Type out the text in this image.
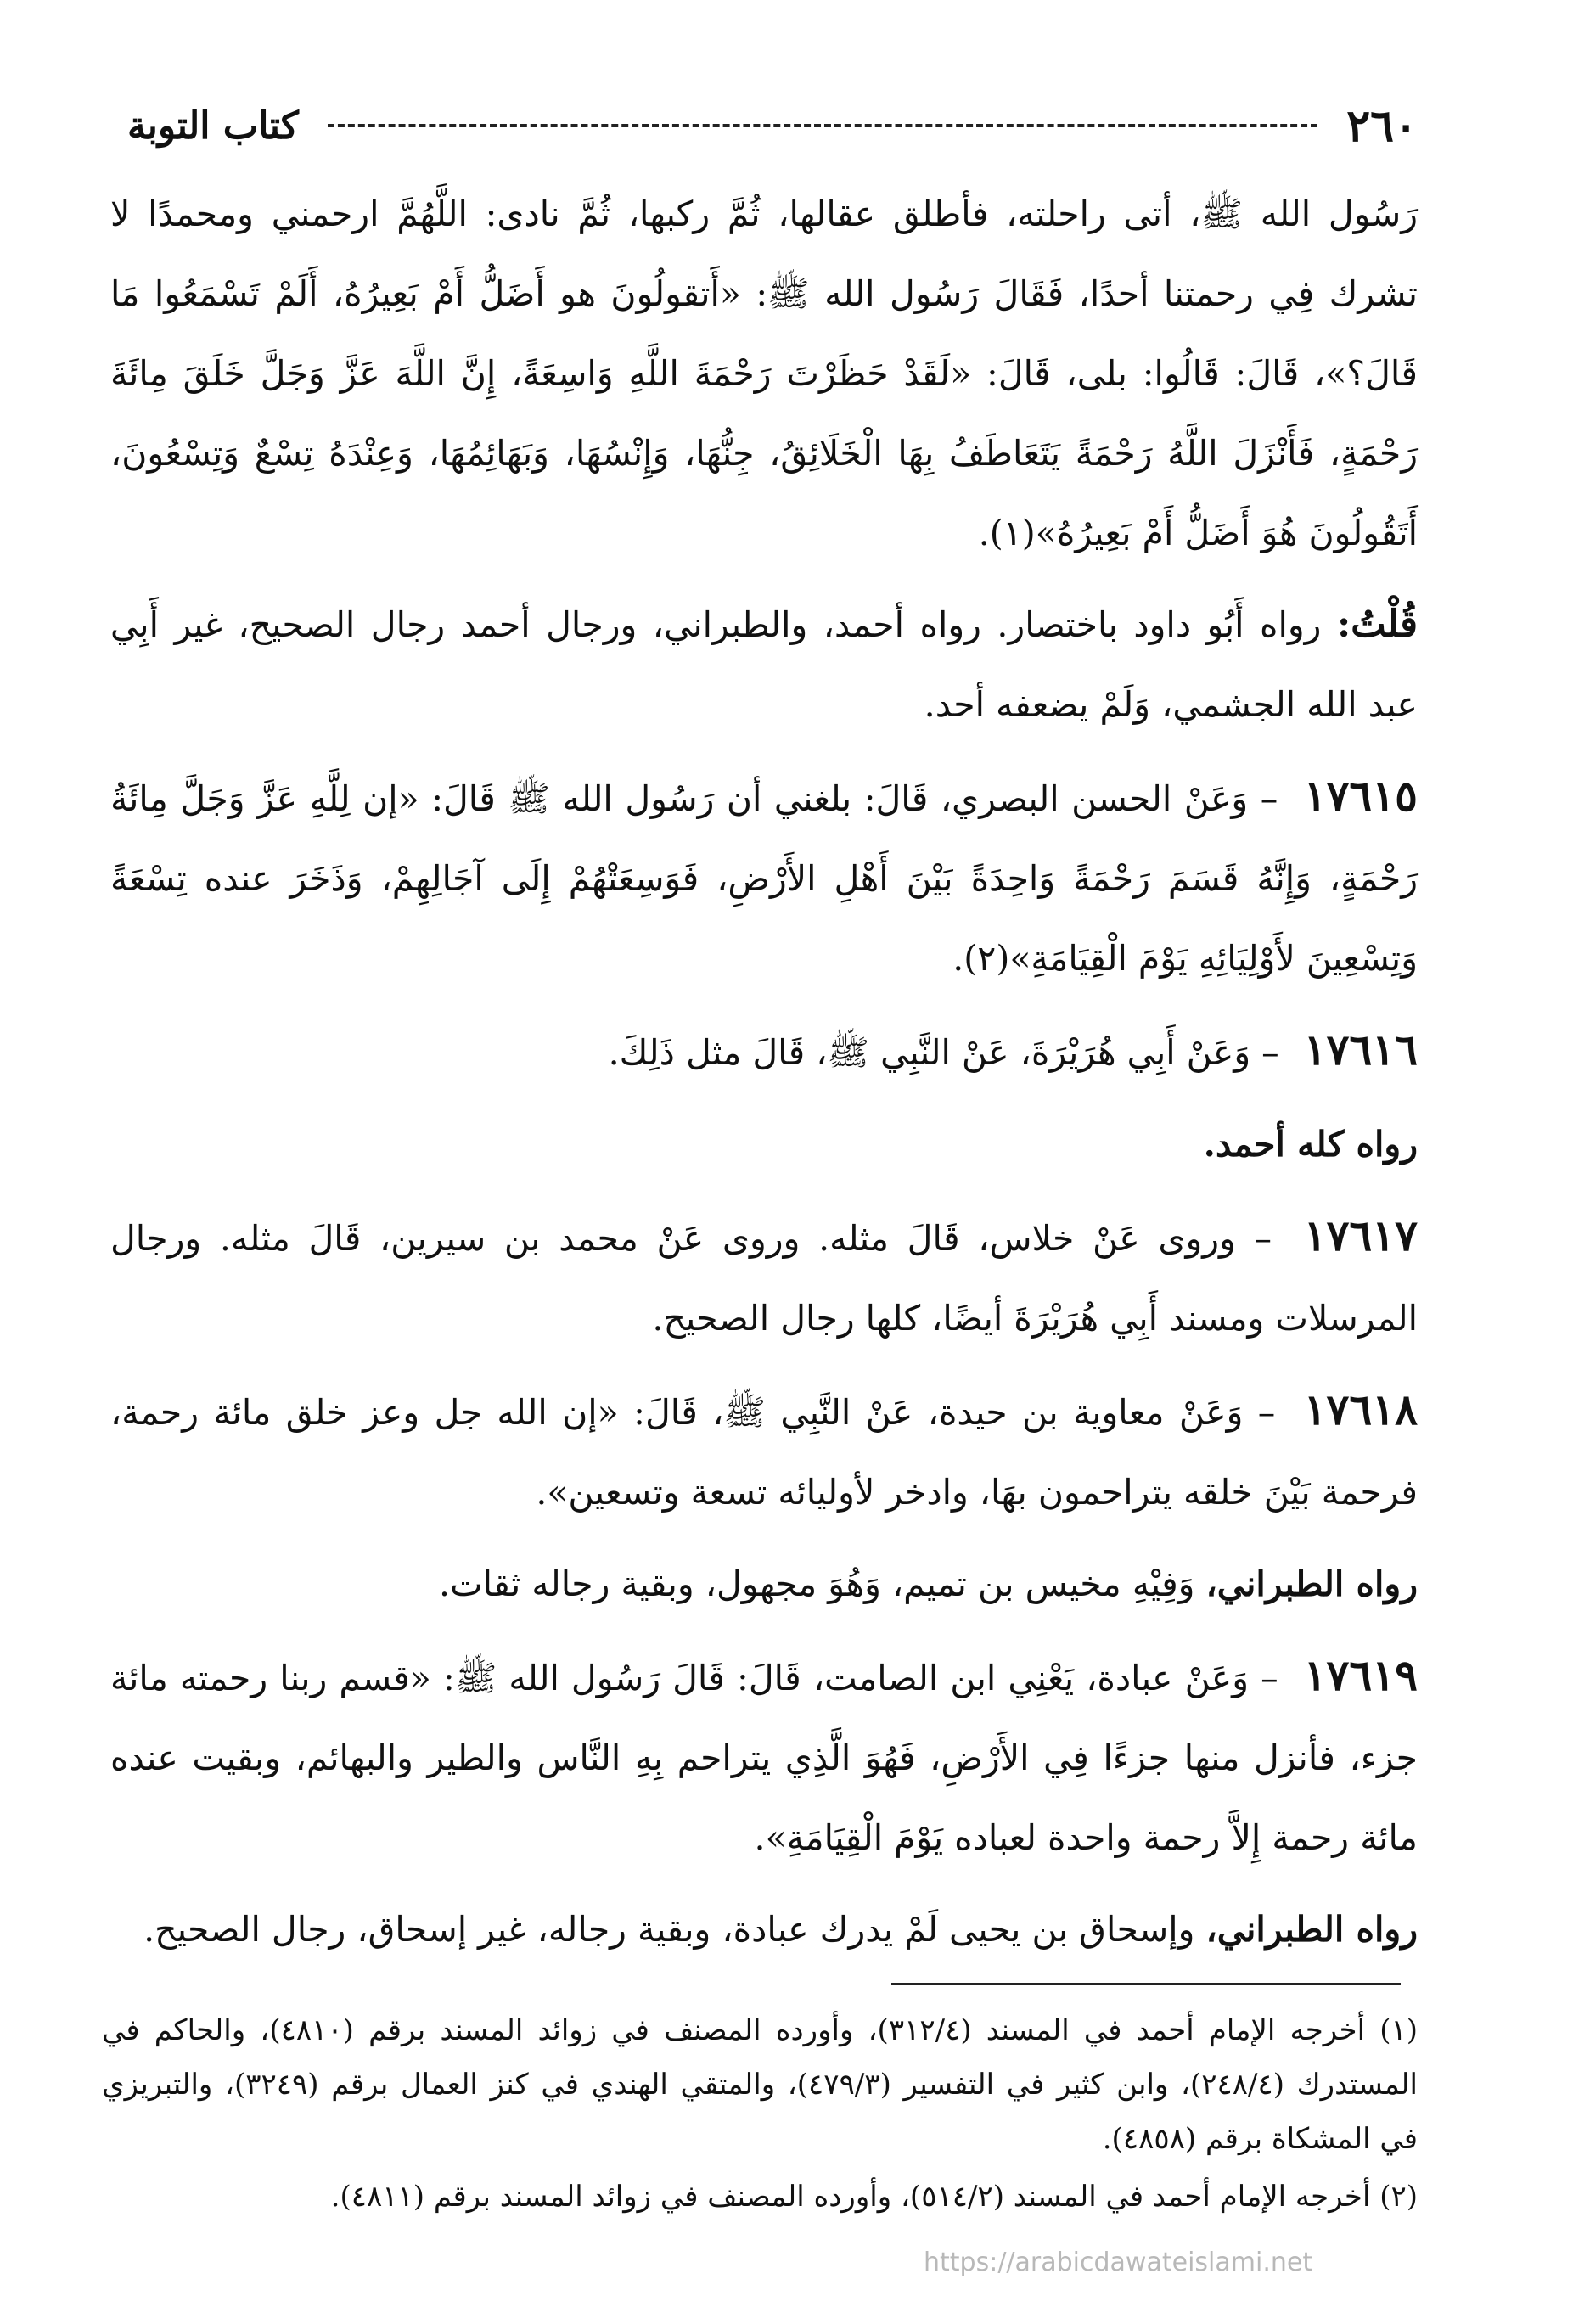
٢٦٠
كتاب التوبة

رَسُول الله ﷺ، أتى راحلته، فأطلق عقالها، ثُمَّ ركبها، ثُمَّ نادى: اللَّهُمَّ ارحمني ومحمدًا لا تشرك فِي رحمتنا أحدًا، فَقَالَ رَسُول الله ﷺ: «أَتقولُونَ هو أَضَلُّ أَمْ بَعِيرُهُ، أَلَمْ تَسْمَعُوا مَا قَالَ؟»، قَالَ: قَالُوا: بلى، قَالَ: «لَقَدْ حَظَرْتَ رَحْمَةَ اللَّهِ وَاسِعَةً، إِنَّ اللَّهَ عَزَّ وَجَلَّ خَلَقَ مِائَةَ رَحْمَةٍ، فَأَنْزَلَ اللَّهُ رَحْمَةً يَتَعَاطَفُ بِهَا الْخَلَائِقُ، جِنُّهَا، وَإِنْسُهَا، وَبَهَائِمُهَا، وَعِنْدَهُ تِسْعٌ وَتِسْعُونَ، أَتَقُولُونَ هُوَ أَضَلُّ أَمْ بَعِيرُهُ»(١).

قُلْتُ: رواه أَبُو داود باختصار. رواه أحمد، والطبراني، ورجال أحمد رجال الصحيح، غير أَبِي عبد الله الجشمي، وَلَمْ يضعفه أحد.

١٧٦١٥ – وَعَنْ الحسن البصري، قَالَ: بلغني أن رَسُول الله ﷺ قَالَ: «إن لِلَّهِ عَزَّ وَجَلَّ مِائَةُ رَحْمَةٍ، وَإِنَّهُ قَسَمَ رَحْمَةً وَاحِدَةً بَيْنَ أَهْلِ الأَرْضِ، فَوَسِعَتْهُمْ إِلَى آجَالِهِمْ، وَذَخَرَ عنده تِسْعَةً وَتِسْعِينَ لأَوْلِيَائِهِ يَوْمَ الْقِيَامَةِ»(٢).

١٧٦١٦ – وَعَنْ أَبِي هُرَيْرَةَ، عَنْ النَّبِي ﷺ، قَالَ مثل ذَلِكَ.

رواه كله أحمد.

١٧٦١٧ – وروى عَنْ خلاس، قَالَ مثله. وروى عَنْ محمد بن سيرين، قَالَ مثله. ورجال المرسلات ومسند أَبِي هُرَيْرَةَ أيضًا، كلها رجال الصحيح.

١٧٦١٨ – وَعَنْ معاوية بن حيدة، عَنْ النَّبِي ﷺ، قَالَ: «إن الله جل وعز خلق مائة رحمة، فرحمة بَيْنَ خلقه يتراحمون بهَا، وادخر لأوليائه تسعة وتسعين».

رواه الطبراني، وَفِيْهِ مخيس بن تميم، وَهُوَ مجهول، وبقية رجاله ثقات.

١٧٦١٩ – وَعَنْ عبادة، يَعْنِي ابن الصامت، قَالَ: قَالَ رَسُول الله ﷺ: «قسم ربنا رحمته مائة جزء، فأنزل منها جزءًا فِي الأَرْضِ، فَهُوَ الَّذِي يتراحم بِهِ النَّاس والطير والبهائم، وبقيت عنده مائة رحمة إِلاَّ رحمة واحدة لعباده يَوْمَ الْقِيَامَةِ».

رواه الطبراني، وإسحاق بن يحيى لَمْ يدرك عبادة، وبقية رجاله، غير إسحاق، رجال الصحيح.

(١) أخرجه الإمام أحمد في المسند (٣١٢/٤)، وأورده المصنف في زوائد المسند برقم (٤٨١٠)، والحاكم في المستدرك (٢٤٨/٤)، وابن كثير في التفسير (٤٧٩/٣)، والمتقي الهندي في كنز العمال برقم (٣٢٤٩)، والتبريزي في المشكاة برقم (٤٨٥٨).

(٢) أخرجه الإمام أحمد في المسند (٥١٤/٢)، وأورده المصنف في زوائد المسند برقم (٤٨١١).

https://arabicdawateislami.net
